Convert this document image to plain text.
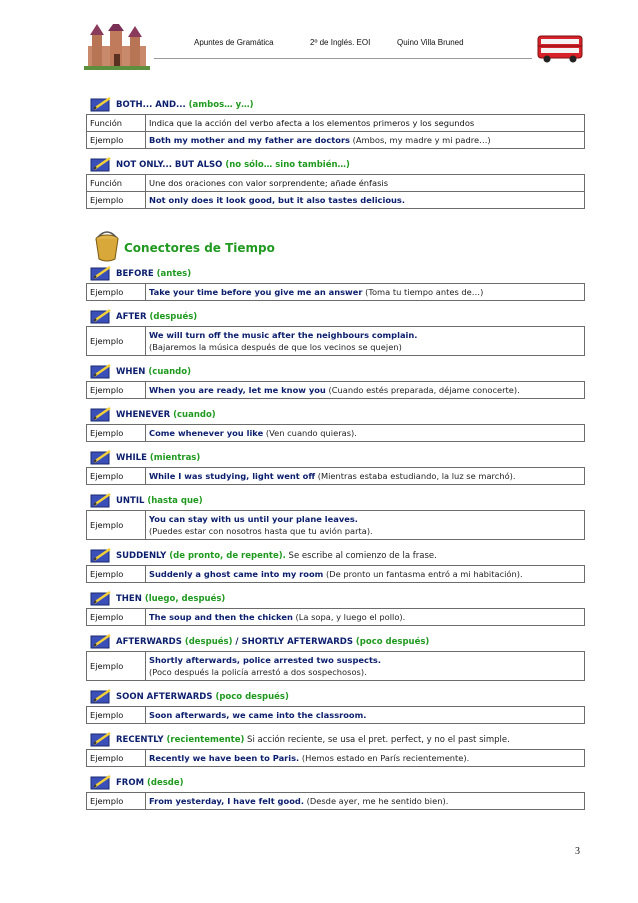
Apuntes de Gramática	2º de Inglés. EOI	Quino Villa Bruned
BOTH... AND... (ambos… y…)
Función	Indica que la acción del verbo afecta a los elementos primeros y los segundos
Ejemplo	Both my mother and my father are doctors (Ambos, my madre y mi padre…)
NOT ONLY... BUT ALSO (no sólo… sino también…)
Función	Une dos oraciones con valor sorprendente; añade énfasis
Ejemplo	Not only does it look good, but it also tastes delicious.
Conectores de Tiempo
BEFORE (antes)
Ejemplo	Take your time before you give me an answer (Toma tu tiempo antes de…)
AFTER (después)
Ejemplo	We will turn off the music after the neighbours complain.
(Bajaremos la música después de que los vecinos se quejen)
WHEN (cuando)
Ejemplo	When you are ready, let me know you (Cuando estés preparada, déjame conocerte).
WHENEVER (cuando)
Ejemplo	Come whenever you like (Ven cuando quieras).
WHILE (mientras)
Ejemplo	While I was studying, light went off (Mientras estaba estudiando, la luz se marchó).
UNTIL (hasta que)
Ejemplo	You can stay with us until your plane leaves.
(Puedes estar con nosotros hasta que tu avión parta).
SUDDENLY (de pronto, de repente). Se escribe al comienzo de la frase.
Ejemplo	Suddenly a ghost came into my room (De pronto un fantasma entró a mi habitación).
THEN (luego, después)
Ejemplo	The soup and then the chicken (La sopa, y luego el pollo).
AFTERWARDS (después) / SHORTLY AFTERWARDS (poco después)
Ejemplo	Shortly afterwards, police arrested two suspects.
(Poco después la policía arrestó a dos sospechosos).
SOON AFTERWARDS (poco después)
Ejemplo	Soon afterwards, we came into the classroom.
RECENTLY (recientemente) Si acción reciente, se usa el pret. perfect, y no el past simple.
Ejemplo	Recently we have been to Paris. (Hemos estado en París recientemente).
FROM (desde)
Ejemplo	From yesterday, I have felt good. (Desde ayer, me he sentido bien).
3
